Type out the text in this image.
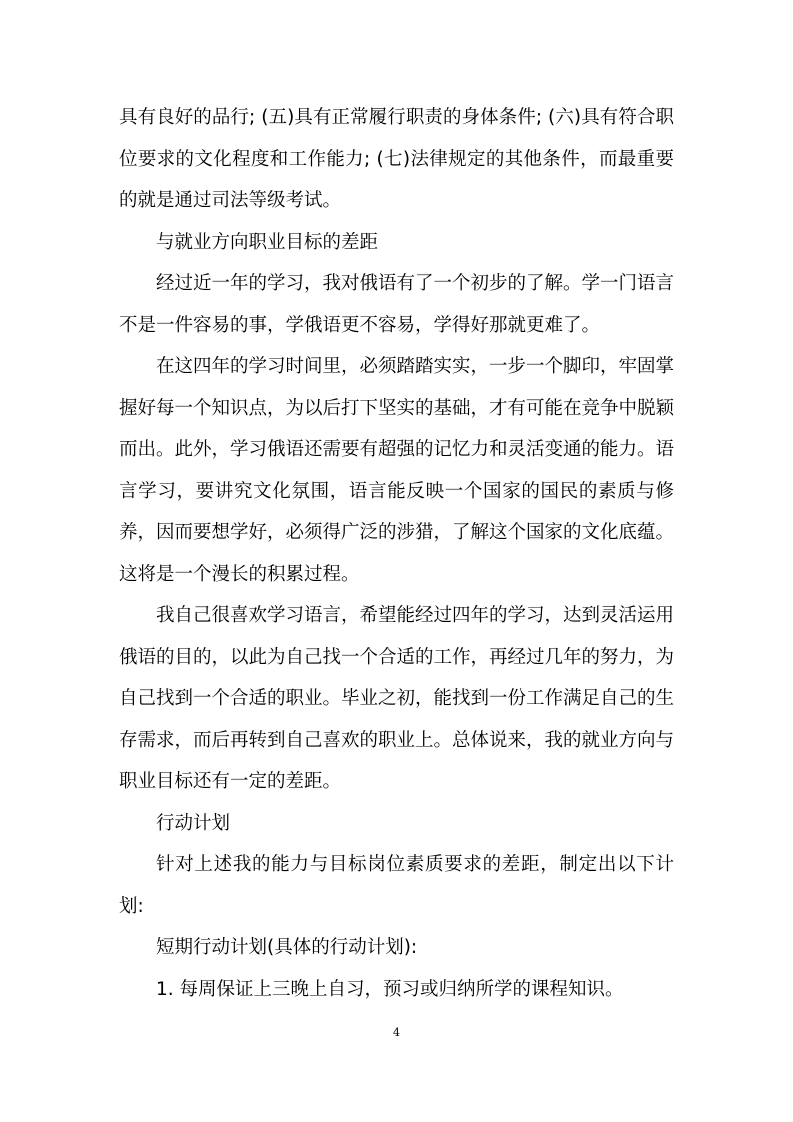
具有良好的品行; (五)具有正常履行职责的身体条件; (六)具有符合职位要求的文化程度和工作能力; (七)法律规定的其他条件，而最重要的就是通过司法等级考试。

与就业方向职业目标的差距

经过近一年的学习，我对俄语有了一个初步的了解。学一门语言不是一件容易的事，学俄语更不容易，学得好那就更难了。

在这四年的学习时间里，必须踏踏实实，一步一个脚印，牢固掌握好每一个知识点，为以后打下坚实的基础，才有可能在竞争中脱颖而出。此外，学习俄语还需要有超强的记忆力和灵活变通的能力。语言学习，要讲究文化氛围，语言能反映一个国家的国民的素质与修养，因而要想学好，必须得广泛的涉猎，了解这个国家的文化底蕴。这将是一个漫长的积累过程。

我自己很喜欢学习语言，希望能经过四年的学习，达到灵活运用俄语的目的，以此为自己找一个合适的工作，再经过几年的努力，为自己找到一个合适的职业。毕业之初，能找到一份工作满足自己的生存需求，而后再转到自己喜欢的职业上。总体说来，我的就业方向与职业目标还有一定的差距。

行动计划

针对上述我的能力与目标岗位素质要求的差距，制定出以下计划:

短期行动计划(具体的行动计划):

1. 每周保证上三晚上自习，预习或归纳所学的课程知识。

4
